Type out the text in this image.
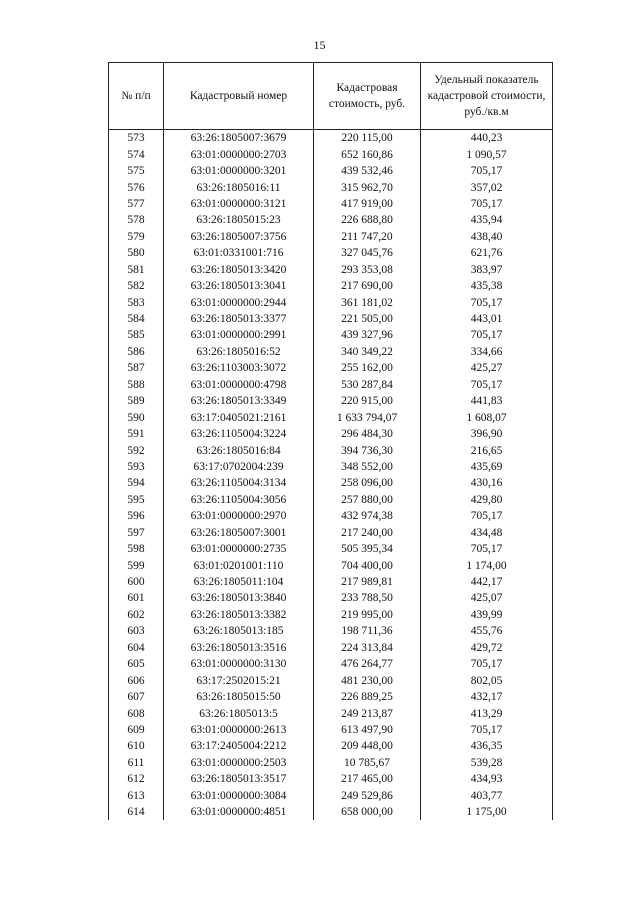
15
№ п/п	Кадастровый номер	Кадастровая стоимость, руб.	Удельный показатель кадастровой стоимости, руб./кв.м
573	63:26:1805007:3679	220 115,00	440,23
574	63:01:0000000:2703	652 160,86	1 090,57
575	63:01:0000000:3201	439 532,46	705,17
576	63:26:1805016:11	315 962,70	357,02
577	63:01:0000000:3121	417 919,00	705,17
578	63:26:1805015:23	226 688,80	435,94
579	63:26:1805007:3756	211 747,20	438,40
580	63:01:0331001:716	327 045,76	621,76
581	63:26:1805013:3420	293 353,08	383,97
582	63:26:1805013:3041	217 690,00	435,38
583	63:01:0000000:2944	361 181,02	705,17
584	63:26:1805013:3377	221 505,00	443,01
585	63:01:0000000:2991	439 327,96	705,17
586	63:26:1805016:52	340 349,22	334,66
587	63:26:1103003:3072	255 162,00	425,27
588	63:01:0000000:4798	530 287,84	705,17
589	63:26:1805013:3349	220 915,00	441,83
590	63:17:0405021:2161	1 633 794,07	1 608,07
591	63:26:1105004:3224	296 484,30	396,90
592	63:26:1805016:84	394 736,30	216,65
593	63:17:0702004:239	348 552,00	435,69
594	63:26:1105004:3134	258 096,00	430,16
595	63:26:1105004:3056	257 880,00	429,80
596	63:01:0000000:2970	432 974,38	705,17
597	63:26:1805007:3001	217 240,00	434,48
598	63:01:0000000:2735	505 395,34	705,17
599	63:01:0201001:110	704 400,00	1 174,00
600	63:26:1805011:104	217 989,81	442,17
601	63:26:1805013:3840	233 788,50	425,07
602	63:26:1805013:3382	219 995,00	439,99
603	63:26:1805013:185	198 711,36	455,76
604	63:26:1805013:3516	224 313,84	429,72
605	63:01:0000000:3130	476 264,77	705,17
606	63:17:2502015:21	481 230,00	802,05
607	63:26:1805015:50	226 889,25	432,17
608	63:26:1805013:5	249 213,87	413,29
609	63:01:0000000:2613	613 497,90	705,17
610	63:17:2405004:2212	209 448,00	436,35
611	63:01:0000000:2503	10 785,67	539,28
612	63:26:1805013:3517	217 465,00	434,93
613	63:01:0000000:3084	249 529,86	403,77
614	63:01:0000000:4851	658 000,00	1 175,00
